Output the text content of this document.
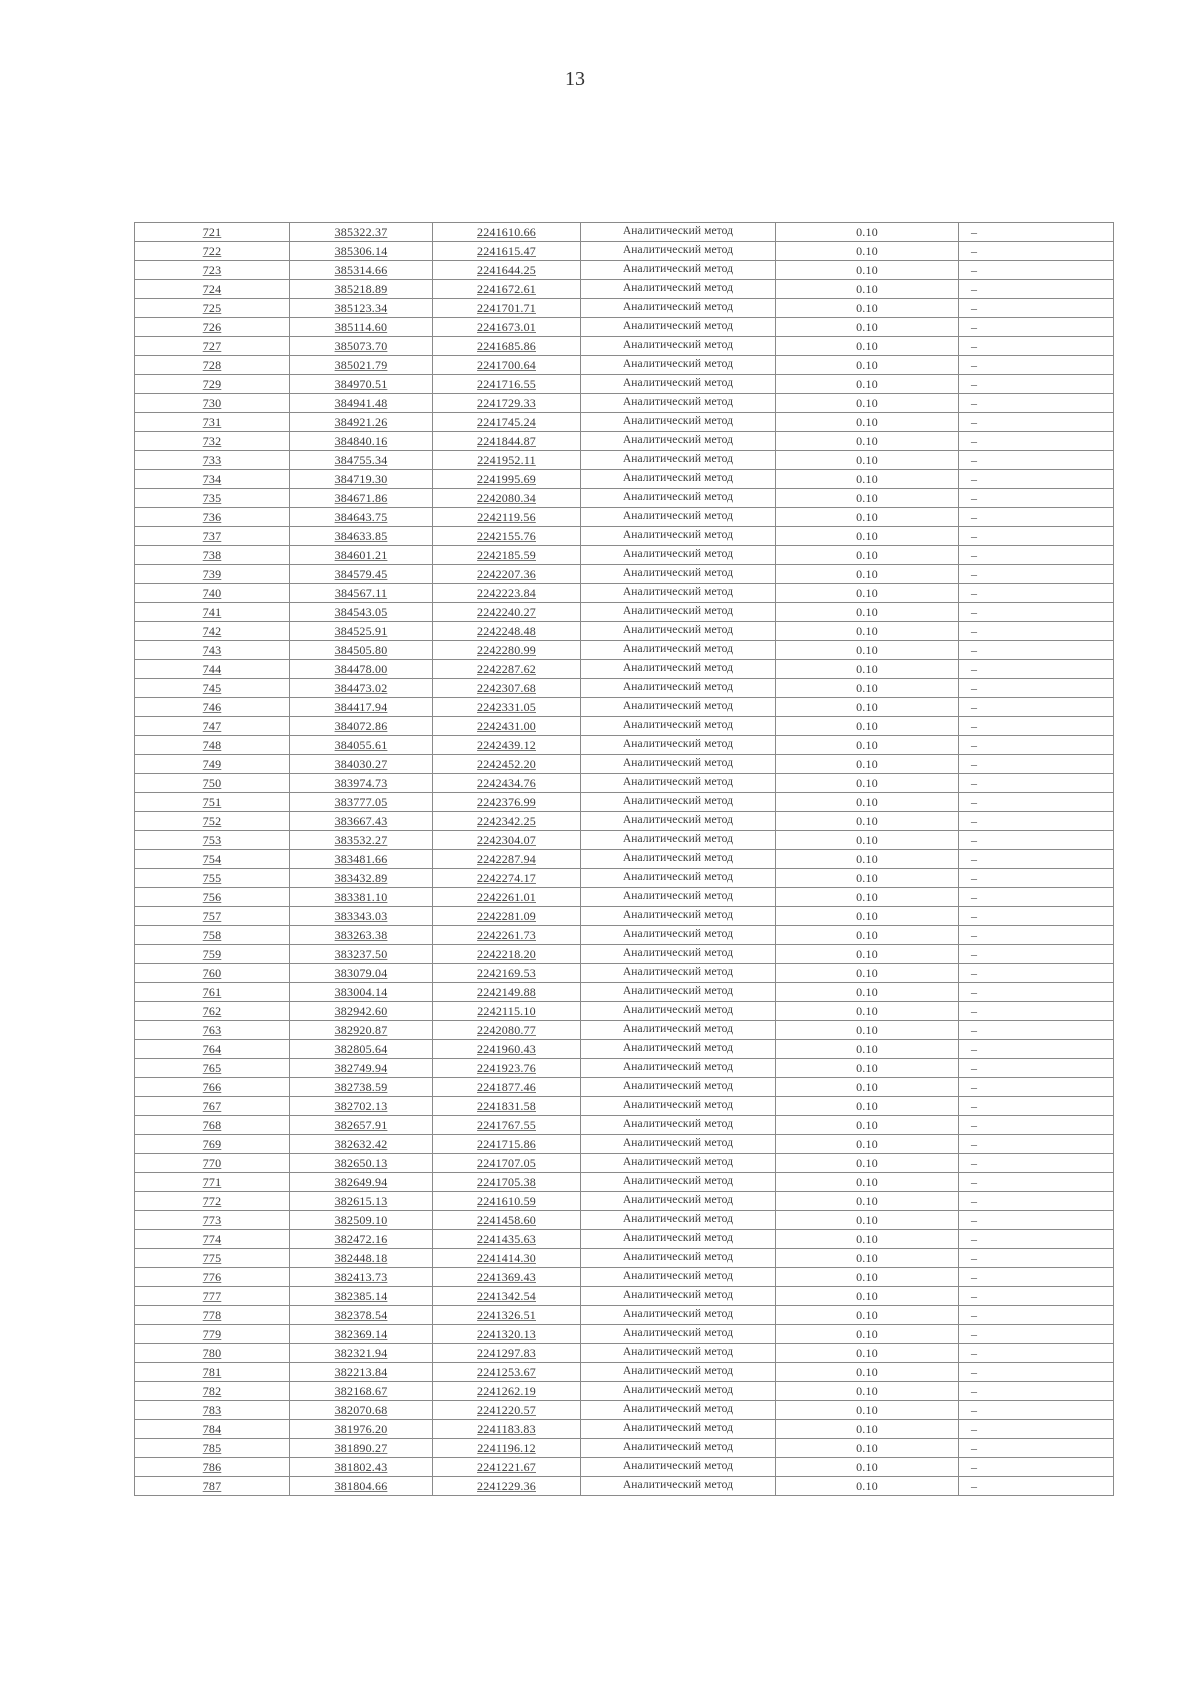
13
721	385322.37	2241610.66	Аналитический метод	0.10	–
722	385306.14	2241615.47	Аналитический метод	0.10	–
723	385314.66	2241644.25	Аналитический метод	0.10	–
724	385218.89	2241672.61	Аналитический метод	0.10	–
725	385123.34	2241701.71	Аналитический метод	0.10	–
726	385114.60	2241673.01	Аналитический метод	0.10	–
727	385073.70	2241685.86	Аналитический метод	0.10	–
728	385021.79	2241700.64	Аналитический метод	0.10	–
729	384970.51	2241716.55	Аналитический метод	0.10	–
730	384941.48	2241729.33	Аналитический метод	0.10	–
731	384921.26	2241745.24	Аналитический метод	0.10	–
732	384840.16	2241844.87	Аналитический метод	0.10	–
733	384755.34	2241952.11	Аналитический метод	0.10	–
734	384719.30	2241995.69	Аналитический метод	0.10	–
735	384671.86	2242080.34	Аналитический метод	0.10	–
736	384643.75	2242119.56	Аналитический метод	0.10	–
737	384633.85	2242155.76	Аналитический метод	0.10	–
738	384601.21	2242185.59	Аналитический метод	0.10	–
739	384579.45	2242207.36	Аналитический метод	0.10	–
740	384567.11	2242223.84	Аналитический метод	0.10	–
741	384543.05	2242240.27	Аналитический метод	0.10	–
742	384525.91	2242248.48	Аналитический метод	0.10	–
743	384505.80	2242280.99	Аналитический метод	0.10	–
744	384478.00	2242287.62	Аналитический метод	0.10	–
745	384473.02	2242307.68	Аналитический метод	0.10	–
746	384417.94	2242331.05	Аналитический метод	0.10	–
747	384072.86	2242431.00	Аналитический метод	0.10	–
748	384055.61	2242439.12	Аналитический метод	0.10	–
749	384030.27	2242452.20	Аналитический метод	0.10	–
750	383974.73	2242434.76	Аналитический метод	0.10	–
751	383777.05	2242376.99	Аналитический метод	0.10	–
752	383667.43	2242342.25	Аналитический метод	0.10	–
753	383532.27	2242304.07	Аналитический метод	0.10	–
754	383481.66	2242287.94	Аналитический метод	0.10	–
755	383432.89	2242274.17	Аналитический метод	0.10	–
756	383381.10	2242261.01	Аналитический метод	0.10	–
757	383343.03	2242281.09	Аналитический метод	0.10	–
758	383263.38	2242261.73	Аналитический метод	0.10	–
759	383237.50	2242218.20	Аналитический метод	0.10	–
760	383079.04	2242169.53	Аналитический метод	0.10	–
761	383004.14	2242149.88	Аналитический метод	0.10	–
762	382942.60	2242115.10	Аналитический метод	0.10	–
763	382920.87	2242080.77	Аналитический метод	0.10	–
764	382805.64	2241960.43	Аналитический метод	0.10	–
765	382749.94	2241923.76	Аналитический метод	0.10	–
766	382738.59	2241877.46	Аналитический метод	0.10	–
767	382702.13	2241831.58	Аналитический метод	0.10	–
768	382657.91	2241767.55	Аналитический метод	0.10	–
769	382632.42	2241715.86	Аналитический метод	0.10	–
770	382650.13	2241707.05	Аналитический метод	0.10	–
771	382649.94	2241705.38	Аналитический метод	0.10	–
772	382615.13	2241610.59	Аналитический метод	0.10	–
773	382509.10	2241458.60	Аналитический метод	0.10	–
774	382472.16	2241435.63	Аналитический метод	0.10	–
775	382448.18	2241414.30	Аналитический метод	0.10	–
776	382413.73	2241369.43	Аналитический метод	0.10	–
777	382385.14	2241342.54	Аналитический метод	0.10	–
778	382378.54	2241326.51	Аналитический метод	0.10	–
779	382369.14	2241320.13	Аналитический метод	0.10	–
780	382321.94	2241297.83	Аналитический метод	0.10	–
781	382213.84	2241253.67	Аналитический метод	0.10	–
782	382168.67	2241262.19	Аналитический метод	0.10	–
783	382070.68	2241220.57	Аналитический метод	0.10	–
784	381976.20	2241183.83	Аналитический метод	0.10	–
785	381890.27	2241196.12	Аналитический метод	0.10	–
786	381802.43	2241221.67	Аналитический метод	0.10	–
787	381804.66	2241229.36	Аналитический метод	0.10	–
